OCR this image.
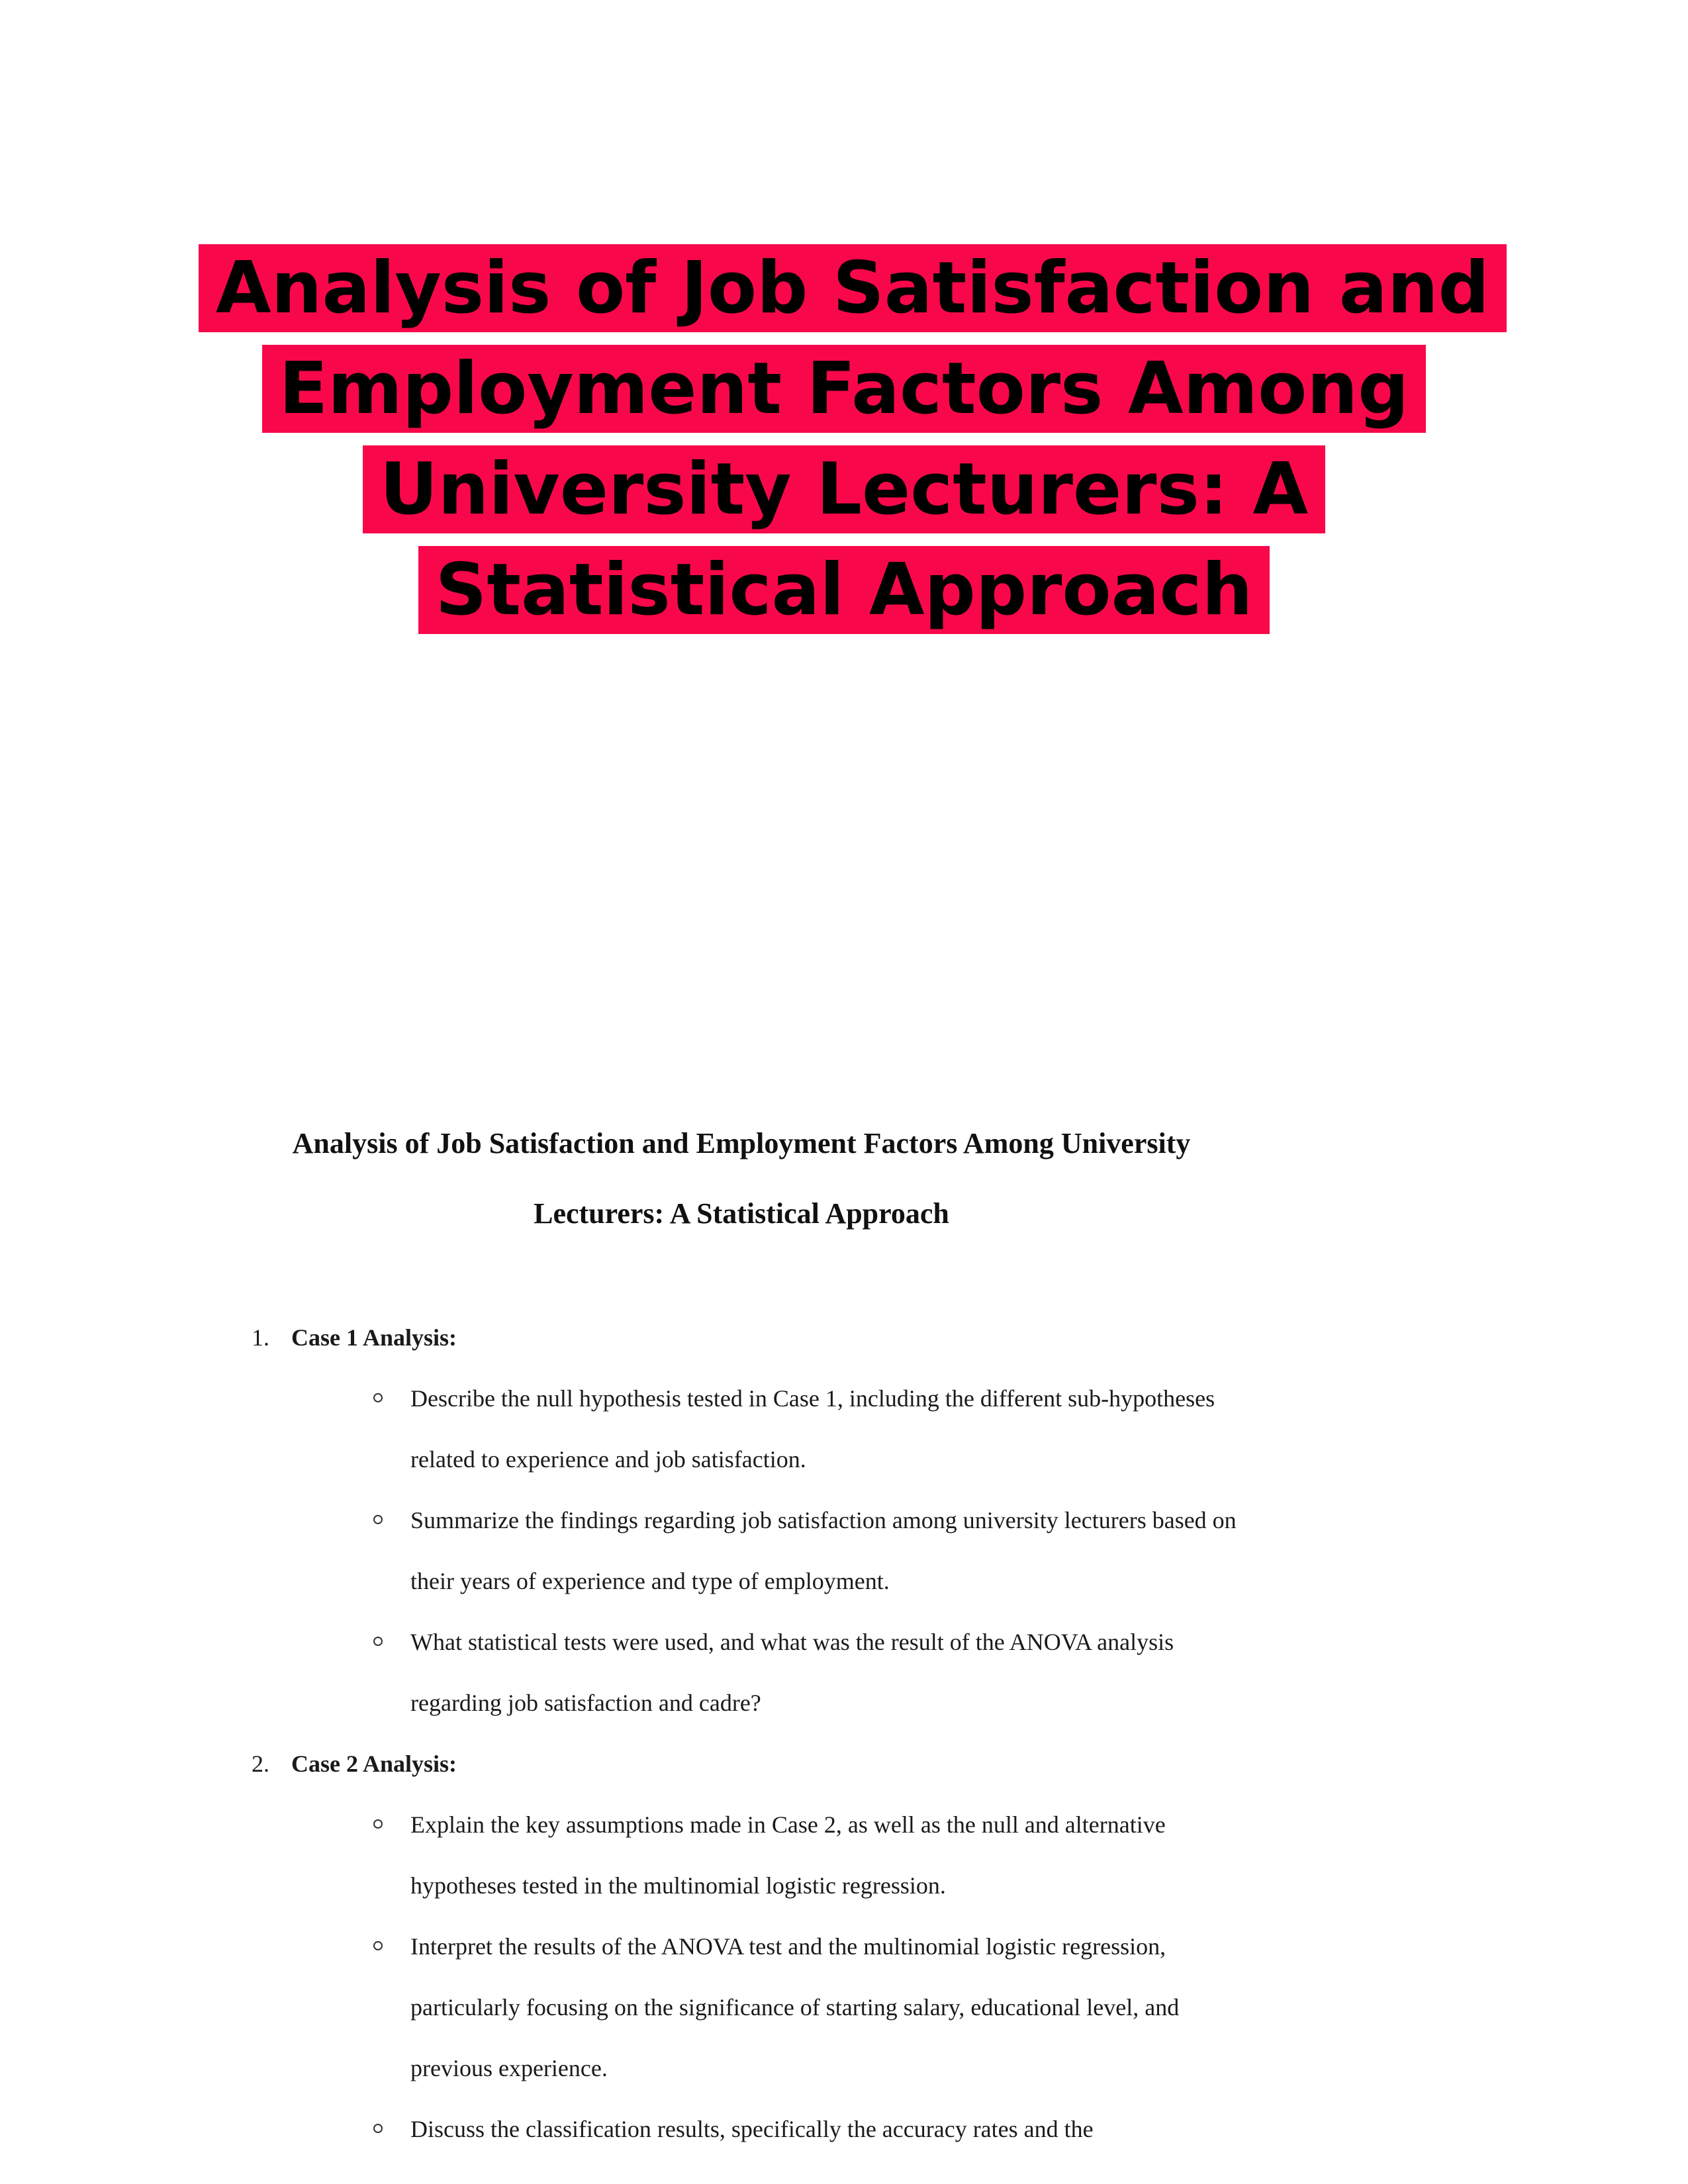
Analysis of Job Satisfaction and Employment Factors Among University Lecturers: A Statistical Approach
Analysis of Job Satisfaction and Employment Factors Among University Lecturers: A Statistical Approach
1. Case 1 Analysis:
Describe the null hypothesis tested in Case 1, including the different sub-hypotheses related to experience and job satisfaction.
Summarize the findings regarding job satisfaction among university lecturers based on their years of experience and type of employment.
What statistical tests were used, and what was the result of the ANOVA analysis regarding job satisfaction and cadre?
2. Case 2 Analysis:
Explain the key assumptions made in Case 2, as well as the null and alternative hypotheses tested in the multinomial logistic regression.
Interpret the results of the ANOVA test and the multinomial logistic regression, particularly focusing on the significance of starting salary, educational level, and previous experience.
Discuss the classification results, specifically the accuracy rates and the
